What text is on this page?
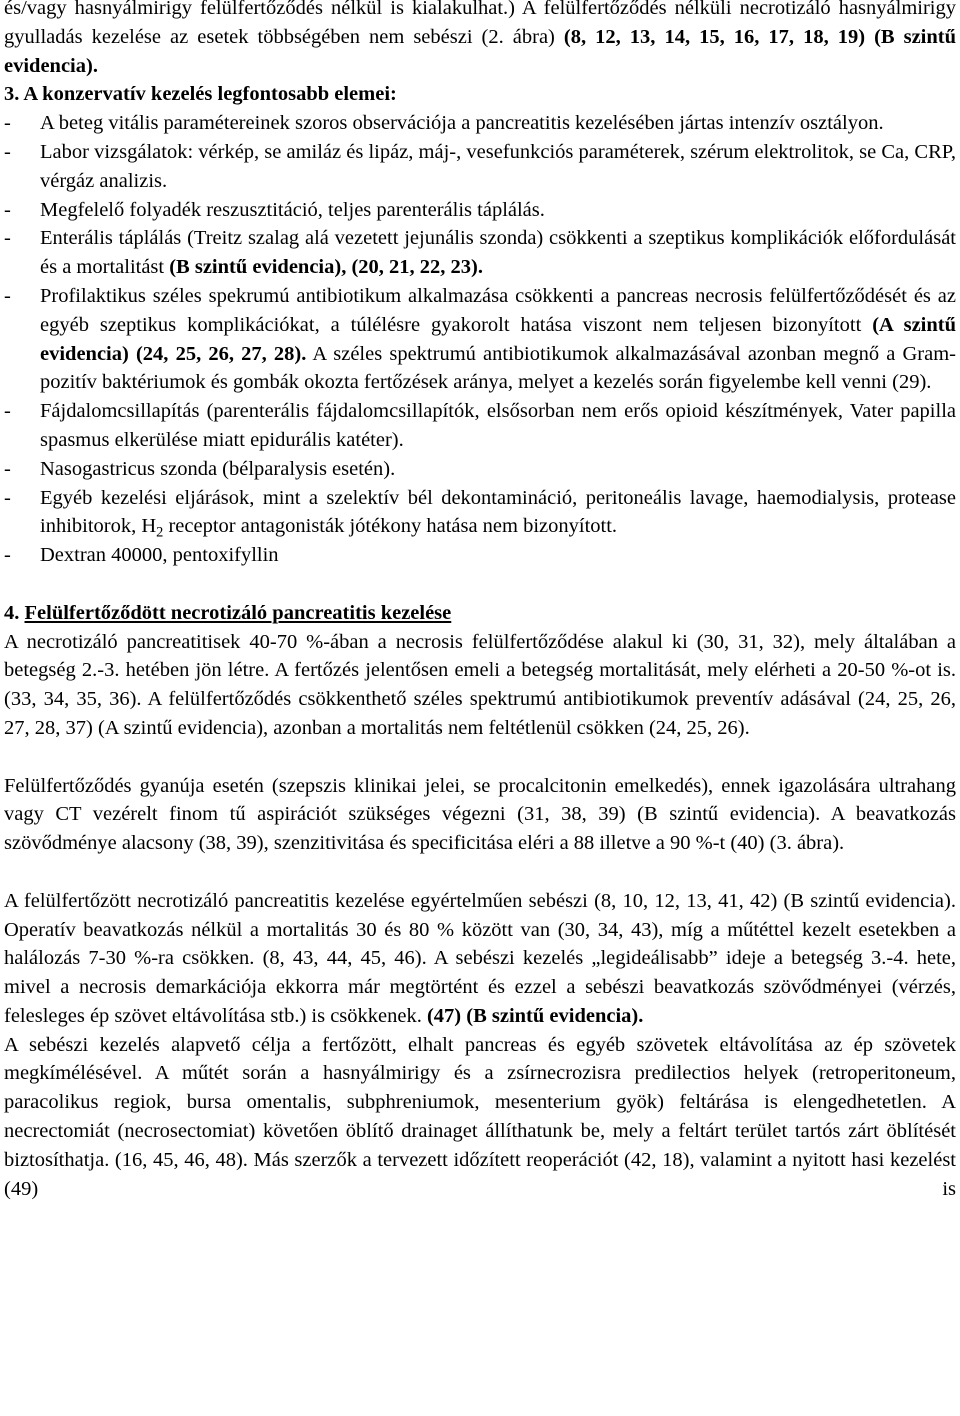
és/vagy hasnyálmirigy felülfertőződés nélkül is kialakulhat.) A felülfertőződés nélküli necrotizáló hasnyálmirigy gyulladás kezelése az esetek többségében nem sebészi (2. ábra) (8, 12, 13, 14, 15, 16, 17, 18, 19) (B szintű evidencia).

3. A konzervatív kezelés legfontosabb elemei:

- A beteg vitális paramétereinek szoros observációja a pancreatitis kezelésében jártas intenzív osztályon.

- Labor vizsgálatok: vérkép, se amiláz és lipáz, máj-, vesefunkciós paraméterek, szérum elektrolitok, se Ca, CRP, vérgáz analizis.

- Megfelelő folyadék reszusztitáció, teljes parenterális táplálás.

- Enterális táplálás (Treitz szalag alá vezetett jejunális szonda) csökkenti a szeptikus komplikációk előfordulását és a mortalitást (B szintű evidencia), (20, 21, 22, 23).

- Profilaktikus széles spekrumú antibiotikum alkalmazása csökkenti a pancreas necrosis felülfertőződését és az egyéb szeptikus komplikációkat, a túlélésre gyakorolt hatása viszont nem teljesen bizonyított (A szintű evidencia) (24, 25, 26, 27, 28). A széles spektrumú antibiotikumok alkalmazásával azonban megnő a Gram-pozitív baktériumok és gombák okozta fertőzések aránya, melyet a kezelés során figyelembe kell venni (29).

- Fájdalomcsillapítás (parenterális fájdalomcsillapítók, elsősorban nem erős opioid készítmények, Vater papilla spasmus elkerülése miatt epidurális katéter).

- Nasogastricus szonda (bélparalysis esetén).

- Egyéb kezelési eljárások, mint a szelektív bél dekontamináció, peritoneális lavage, haemodialysis, protease inhibitorok, $H_2$ receptor antagonisták jótékony hatása nem bizonyított.

- Dextran 40000, pentoxifyllin

4. Felülfertőződött necrotizáló pancreatitis kezelése

A necrotizáló pancreatitisek 40-70 %-ában a necrosis felülfertőződése alakul ki (30, 31, 32), mely általában a betegség 2.-3. hetében jön létre. A fertőzés jelentősen emeli a betegség mortalitását, mely elérheti a 20-50 %-ot is. (33, 34, 35, 36). A felülfertőződés csökkenthető széles spektrumú antibiotikumok preventív adásával (24, 25, 26, 27, 28, 37) (A szintű evidencia), azonban a mortalitás nem feltétlenül csökken (24, 25, 26).

Felülfertőződés gyanúja esetén (szepszis klinikai jelei, se procalcitonin emelkedés), ennek igazolására ultrahang vagy CT vezérelt finom tű aspirációt szükséges végezni (31, 38, 39) (B szintű evidencia). A beavatkozás szövődménye alacsony (38, 39), szenzitivitása és specificitása eléri a 88 illetve a 90 %-t (40) (3. ábra).

A felülfertőzött necrotizáló pancreatitis kezelése egyértelműen sebészi (8, 10, 12, 13, 41, 42) (B szintű evidencia). Operatív beavatkozás nélkül a mortalitás 30 és 80 % között van (30, 34, 43), míg a műtéttel kezelt esetekben a halálozás 7-30 %-ra csökken. (8, 43, 44, 45, 46). A sebészi kezelés „legideálisabb” ideje a betegség 3.-4. hete, mivel a necrosis demarkációja ekkorra már megtörtént és ezzel a sebészi beavatkozás szövődményei (vérzés, felesleges ép szövet eltávolítása stb.) is csökkenek. (47) (B szintű evidencia).

A sebészi kezelés alapvető célja a fertőzött, elhalt pancreas és egyéb szövetek eltávolítása az ép szövetek megkímélésével. A műtét során a hasnyálmirigy és a zsírnecrozisra predilectios helyek (retroperitoneum, paracolikus regiok, bursa omentalis, subphreniumok, mesenterium gyök) feltárása is elengedhetetlen. A necrectomiát (necrosectomiat) követően öblítő drainaget állíthatunk be, mely a feltárt terület tartós zárt öblítését biztosíthatja. (16, 45, 46, 48). Más szerzők a tervezett időzített reoperációt (42, 18), valamint a nyitott hasi kezelést (49) is
